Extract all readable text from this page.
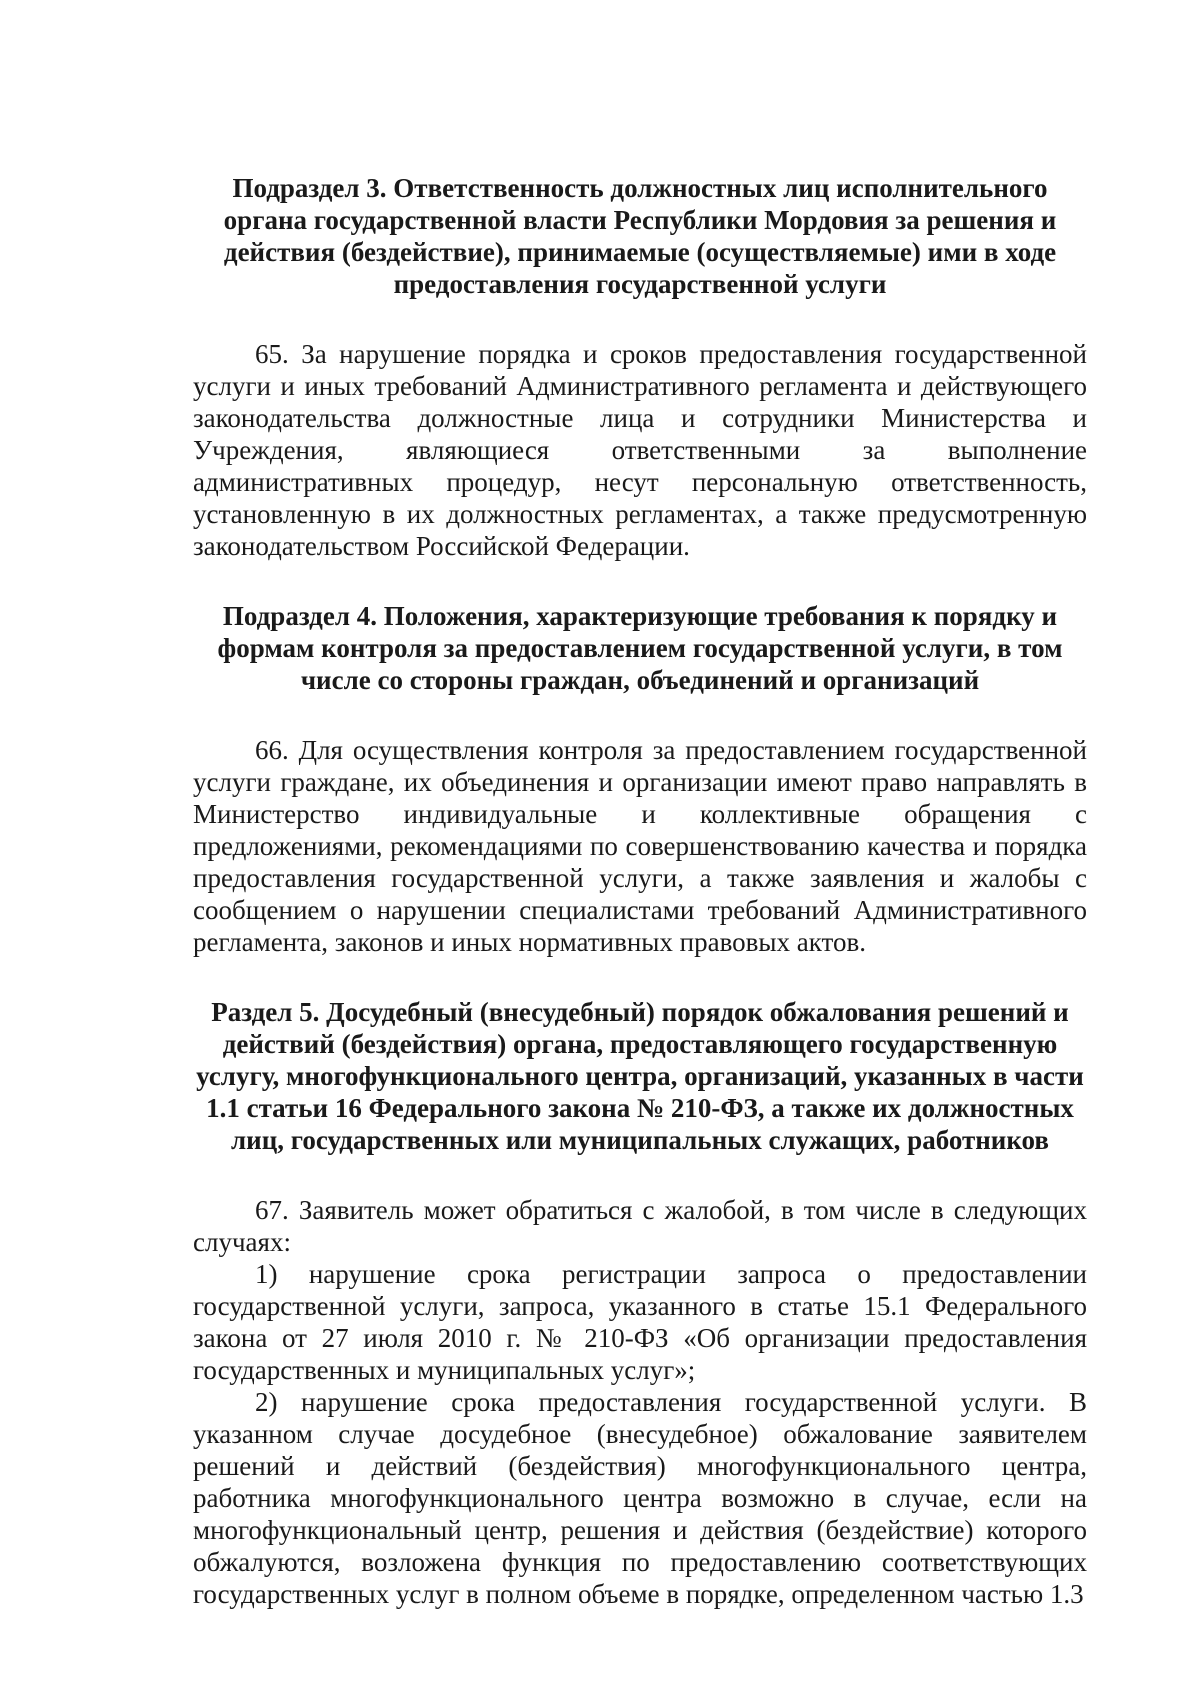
Подраздел 3. Ответственность должностных лиц исполнительного органа государственной власти Республики Мордовия за решения и действия (бездействие), принимаемые (осуществляемые) ими в ходе предоставления государственной услуги

65. За нарушение порядка и сроков предоставления государственной услуги и иных требований Административного регламента и действующего законодательства должностные лица и сотрудники Министерства и Учреждения, являющиеся ответственными за выполнение административных процедур, несут персональную ответственность, установленную в их должностных регламентах, а также предусмотренную законодательством Российской Федерации.

Подраздел 4. Положения, характеризующие требования к порядку и формам контроля за предоставлением государственной услуги, в том числе со стороны граждан, объединений и организаций

66. Для осуществления контроля за предоставлением государственной услуги граждане, их объединения и организации имеют право направлять в Министерство индивидуальные и коллективные обращения с предложениями, рекомендациями по совершенствованию качества и порядка предоставления государственной услуги, а также заявления и жалобы с сообщением о нарушении специалистами требований Административного регламента, законов и иных нормативных правовых актов.

Раздел 5. Досудебный (внесудебный) порядок обжалования решений и действий (бездействия) органа, предоставляющего государственную услугу, многофункционального центра, организаций, указанных в части 1.1 статьи 16 Федерального закона № 210-ФЗ, а также их должностных лиц, государственных или муниципальных служащих, работников

67. Заявитель может обратиться с жалобой, в том числе в следующих случаях:

1) нарушение срока регистрации запроса о предоставлении государственной услуги, запроса, указанного в статье 15.1 Федерального закона от 27 июля 2010 г. № 210-ФЗ «Об организации предоставления государственных и муниципальных услуг»;

2) нарушение срока предоставления государственной услуги. В указанном случае досудебное (внесудебное) обжалование заявителем решений и действий (бездействия) многофункционального центра, работника многофункционального центра возможно в случае, если на многофункциональный центр, решения и действия (бездействие) которого обжалуются, возложена функция по предоставлению соответствующих государственных услуг в полном объеме в порядке, определенном частью 1.3
